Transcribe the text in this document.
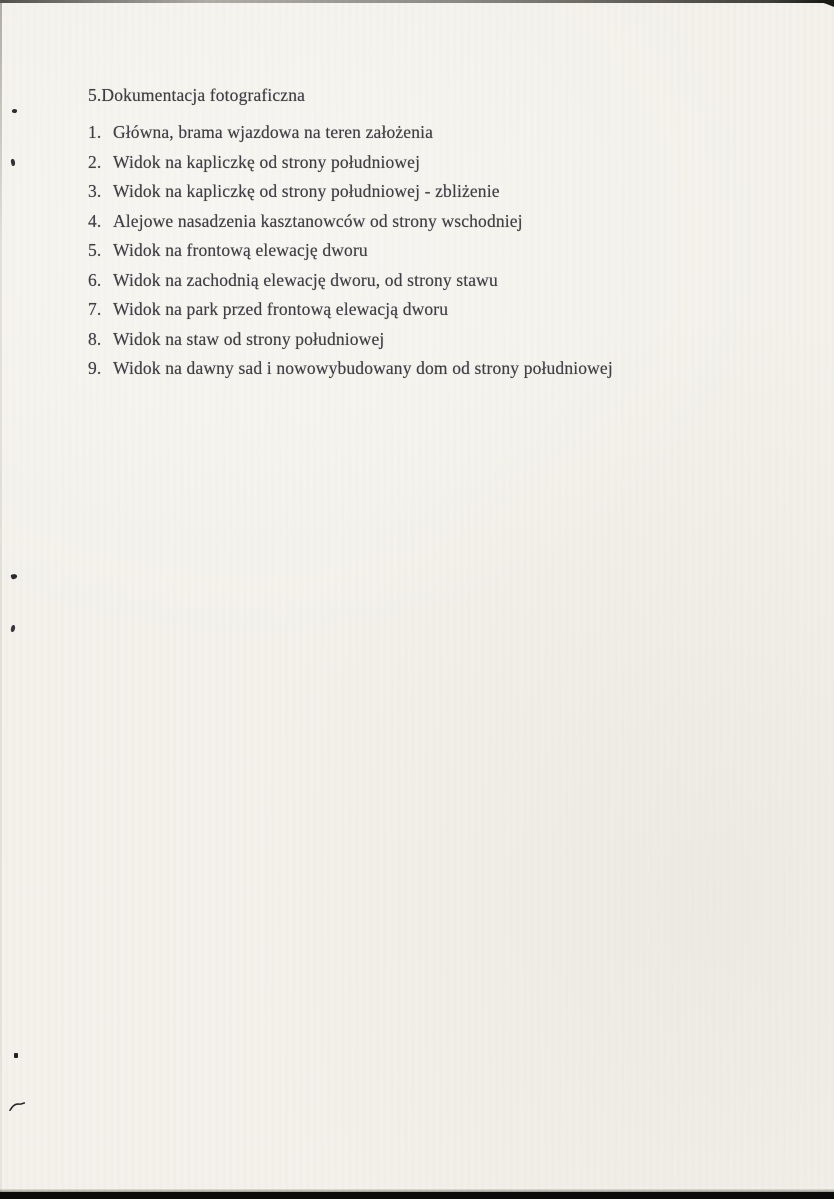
5.Dokumentacja fotograficzna
1. Główna, brama wjazdowa na teren założenia
2. Widok na kapliczkę od strony południowej
3. Widok na kapliczkę od strony południowej - zbliżenie
4. Alejowe nasadzenia kasztanowców od strony wschodniej
5. Widok na frontową elewację dworu
6. Widok na zachodnią elewację dworu, od strony stawu
7. Widok na park przed frontową elewacją dworu
8. Widok na staw od strony południowej
9. Widok na dawny sad i nowowybudowany dom od strony południowej
